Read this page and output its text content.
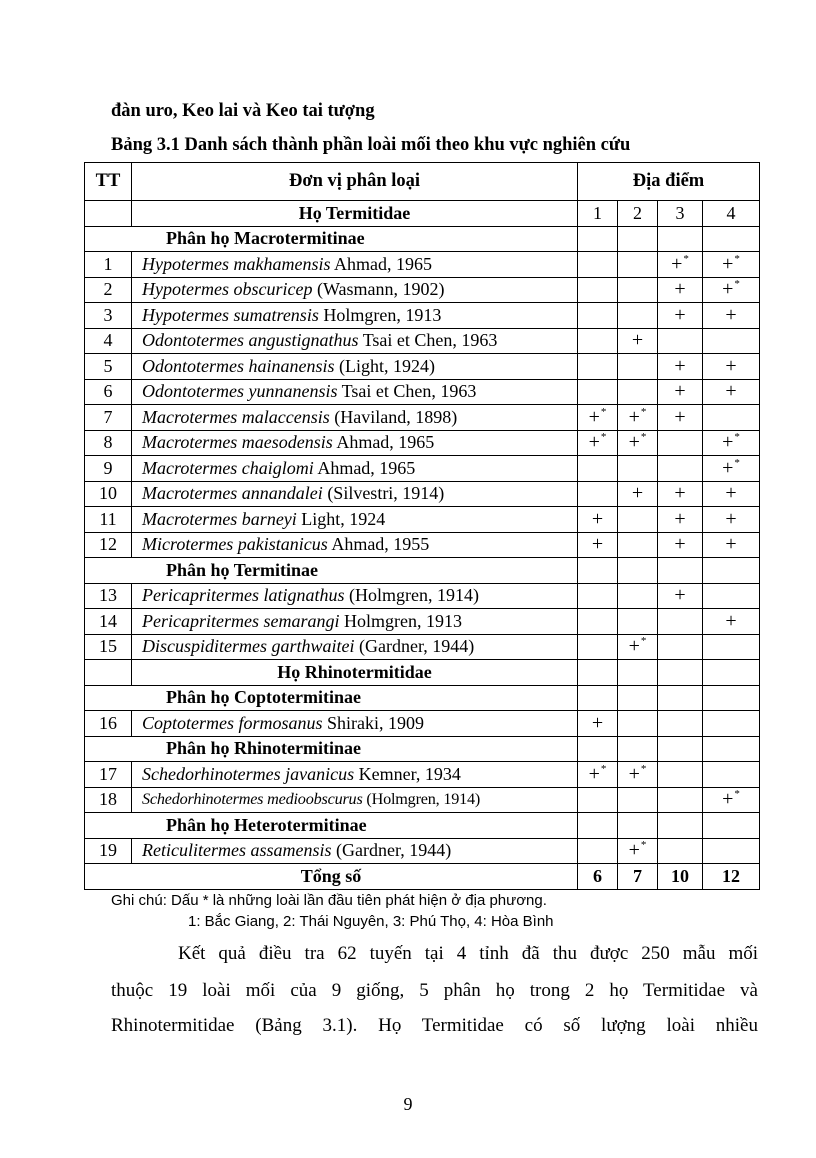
đàn uro, Keo lai và Keo tai tượng
Bảng 3.1 Danh sách thành phần loài mối theo khu vực nghiên cứu
TT	Đơn vị phân loại	Địa điểm			
	Họ Termitidae	1	2	3	4
Phân họ Macrotermitinae					
1	Hypotermes makhamensis Ahmad, 1965			+*	+*
2	Hypotermes obscuricep (Wasmann, 1902)			+	+*
3	Hypotermes sumatrensis Holmgren, 1913			+	+
4	Odontotermes angustignathus Tsai et Chen, 1963		+		
5	Odontotermes hainanensis (Light, 1924)			+	+
6	Odontotermes yunnanensis Tsai et Chen, 1963			+	+
7	Macrotermes malaccensis (Haviland, 1898)	+*	+*	+	
8	Macrotermes maesodensis Ahmad, 1965	+*	+*		+*
9	Macrotermes chaiglomi Ahmad, 1965				+*
10	Macrotermes annandalei (Silvestri, 1914)		+	+	+
11	Macrotermes barneyi Light, 1924	+		+	+
12	Microtermes pakistanicus Ahmad, 1955	+		+	+
Phân họ Termitinae					
13	Pericapritermes latignathus (Holmgren, 1914)			+	
14	Pericapritermes semarangi Holmgren, 1913				+
15	Discuspiditermes garthwaitei (Gardner, 1944)		+*		
	Họ Rhinotermitidae				
Phân họ Coptotermitinae					
16	Coptotermes formosanus Shiraki, 1909	+			
Phân họ Rhinotermitinae					
17	Schedorhinotermes javanicus Kemner, 1934	+*	+*		
18	Schedorhinotermes medioobscurus (Holmgren, 1914)				+*
Phân họ Heterotermitinae					
19	Reticulitermes assamensis (Gardner, 1944)		+*		
Tổng số		6	7	10	12
Ghi chú: Dấu * là những loài lần đầu tiên phát hiện ở địa phương.
1: Bắc Giang, 2: Thái Nguyên, 3: Phú Thọ, 4: Hòa Bình
Kết quả điều tra 62 tuyến tại 4 tỉnh đã thu được 250 mẫu mối
thuộc 19 loài mối của 9 giống, 5 phân họ trong 2 họ Termitidae và
Rhinotermitidae (Bảng 3.1). Họ Termitidae có số lượng loài nhiều
9
